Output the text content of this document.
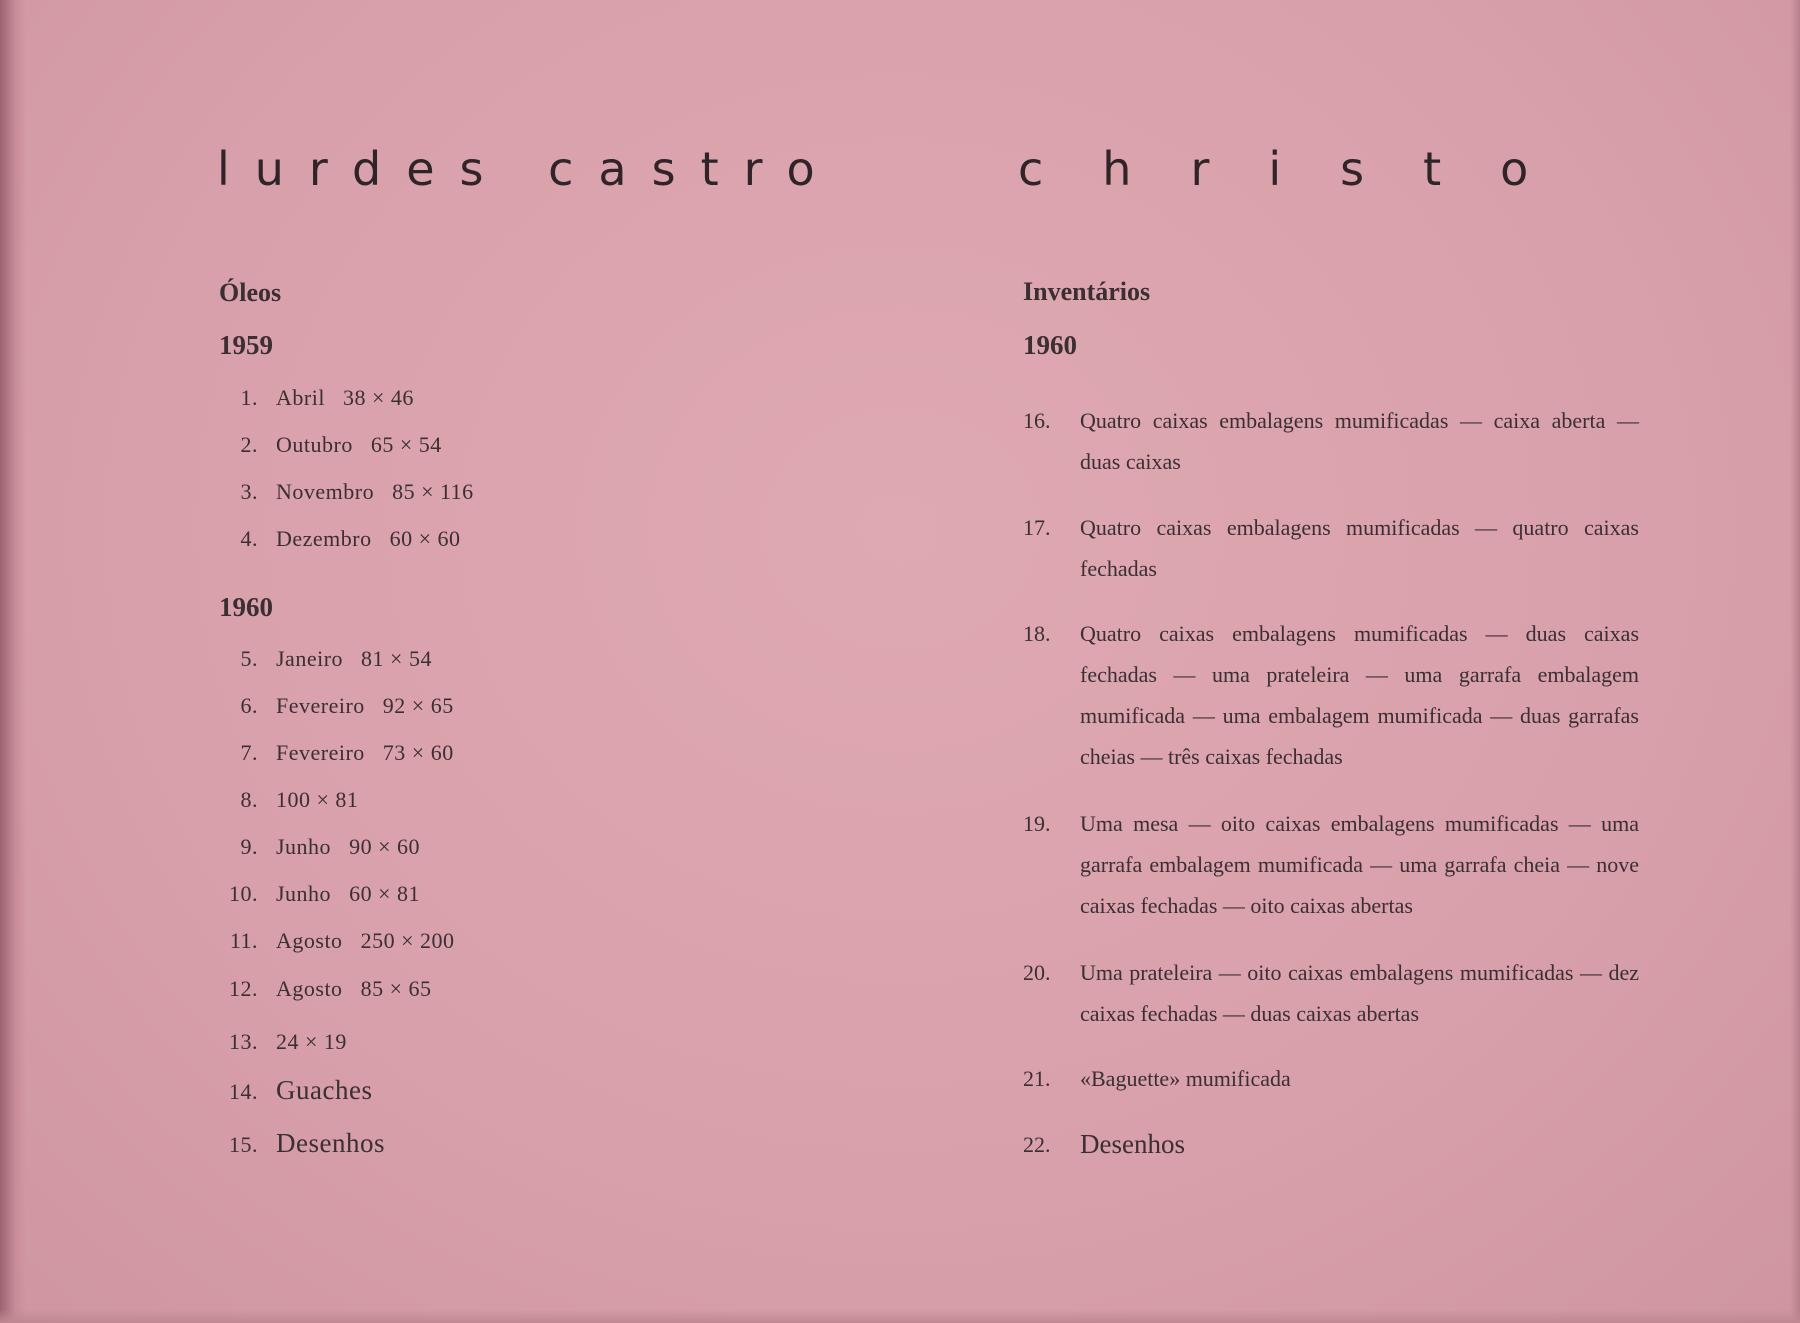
lurdes castro	christo
Óleos
1959
1. Abril 38 × 46
2. Outubro 65 × 54
3. Novembro 85 × 116
4. Dezembro 60 × 60
1960
5. Janeiro 81 × 54
6. Fevereiro 92 × 65
7. Fevereiro 73 × 60
8. 100 × 81
9. Junho 90 × 60
10. Junho 60 × 81
11. Agosto 250 × 200
12. Agosto 85 × 65
13. 24 × 19
14. Guaches
15. Desenhos
Inventários
1960
16.	Quatro caixas embalagens mumificadas — caixa aberta — duas caixas
17.	Quatro caixas embalagens mumificadas — quatro caixas fechadas
18.	Quatro caixas embalagens mumificadas — duas caixas fechadas — uma prateleira — uma garrafa embalagem mumificada — uma embalagem mumificada — duas garrafas cheias — três caixas fechadas
19.	Uma mesa — oito caixas embalagens mumificadas — uma garrafa embalagem mumificada — uma garrafa cheia — nove caixas fechadas — oito caixas abertas
20.	Uma prateleira — oito caixas embalagens mumificadas — dez caixas fechadas — duas caixas abertas
21.	«Baguette» mumificada
22.	Desenhos
